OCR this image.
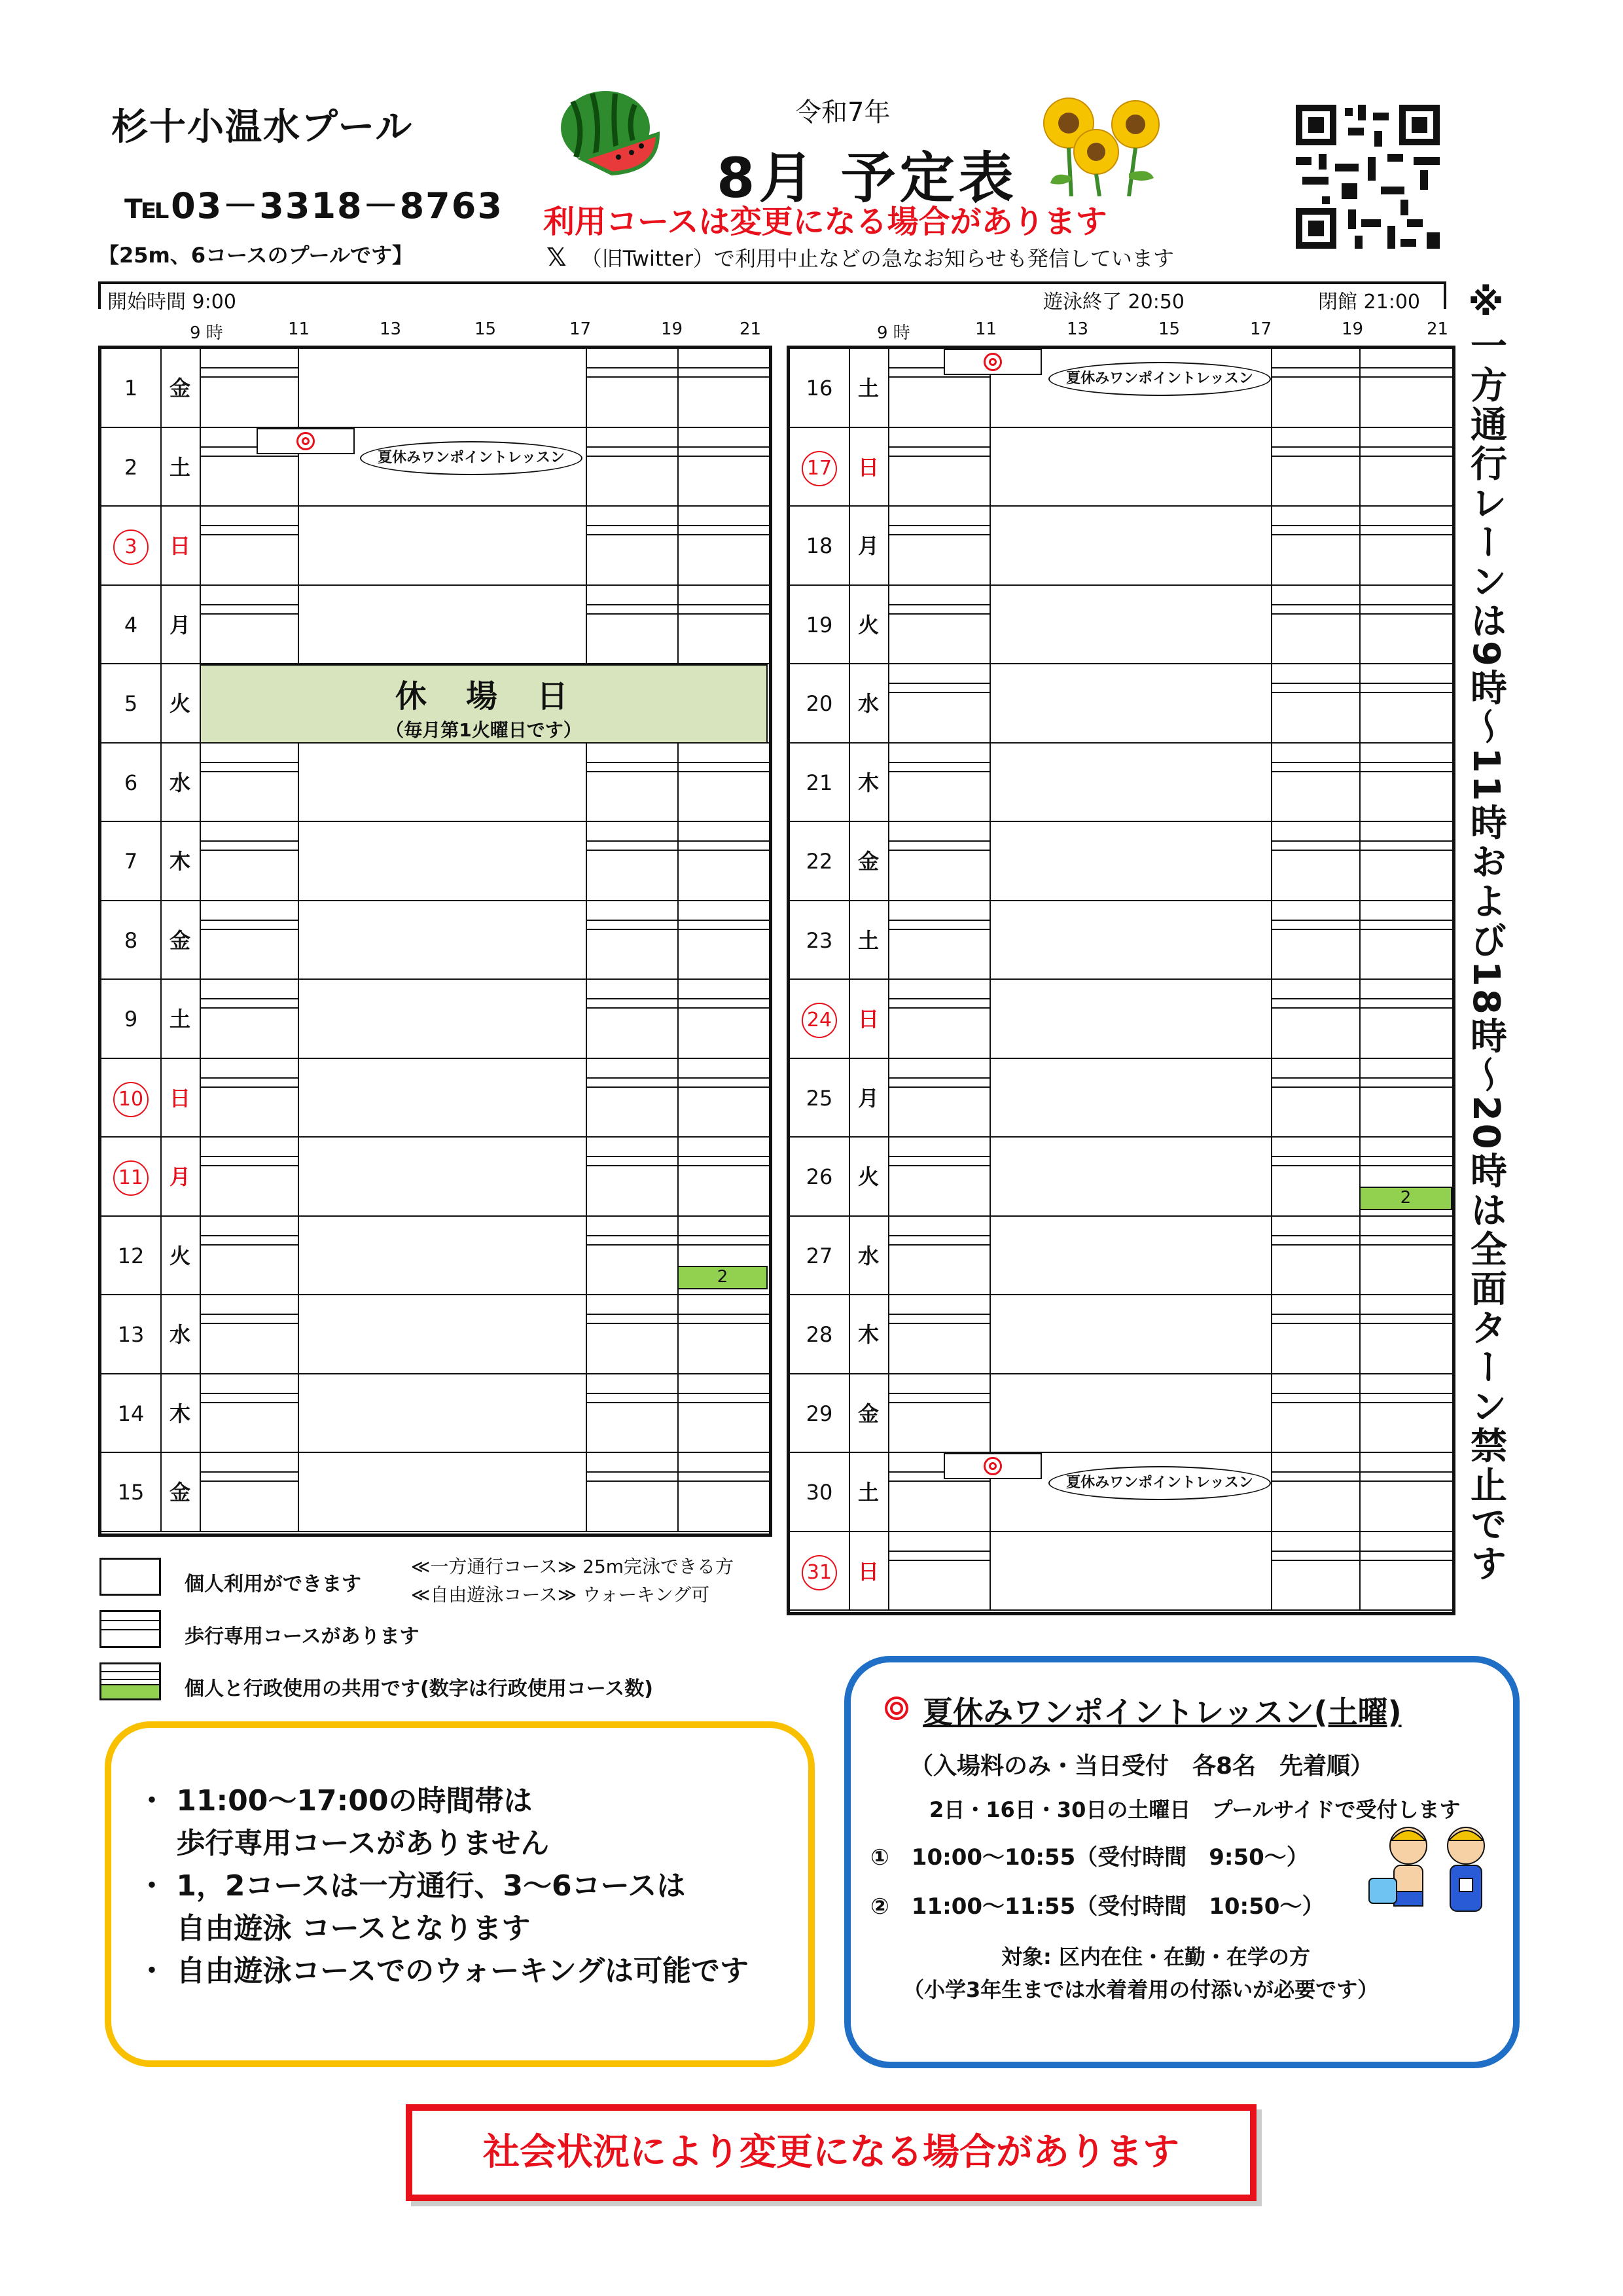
杉十小温水プール
℡03－3318－8763
【25m、6コースのプールです】
令和7年
8月 予定表
利用コースは変更になる場合があります
𝕏 （旧Twitter）で利用中止などの急なお知らせも発信しています
開始時間 9:00	遊泳終了 20:50	閉館 21:00
9 時	11	13	15	17	19	21	9 時	11	13	15	17	19	21
1	金
2	土
3	日
4	月
5	火
6	水
7	木
8	金
9	土
10	日
11	月
12	火
13	水
14	木
15	金
休　場　日
（毎月第1火曜日です）
夏休みワンポイントレッスン
2
16	土
17	日
18	月
19	火
20	水
21	木
22	金
23	土
24	日
25	月
26	火
27	水
28	木
29	金
30	土
31	日
夏休みワンポイントレッスン
夏休みワンポイントレッスン
2	※一方通行レーンは9時～11時および18時～20時は全面ターン禁止です
個人利用ができます
≪一方通行コース≫ 25m完泳できる方
≪自由遊泳コース≫ ウォーキング可
歩行専用コースがあります
個人と行政使用の共用です(数字は行政使用コース数)

・ 11:00～17:00の時間帯は

　 歩行専用コースがありません

・ 1，2コースは一方通行、3～6コースは

　 自由遊泳 コースとなります

・ 自由遊泳コースでのウォーキングは可能です

夏休みワンポイントレッスン(土曜)
（入場料のみ・当日受付　各8名　先着順）
2日・16日・30日の土曜日　プールサイドで受付します
①　10:00～10:55（受付時間　9:50～）
②　11:00～11:55（受付時間　10:50～）
対象: 区内在住・在勤・在学の方
（小学3年生までは水着着用の付添いが必要です）
社会状況により変更になる場合があります
